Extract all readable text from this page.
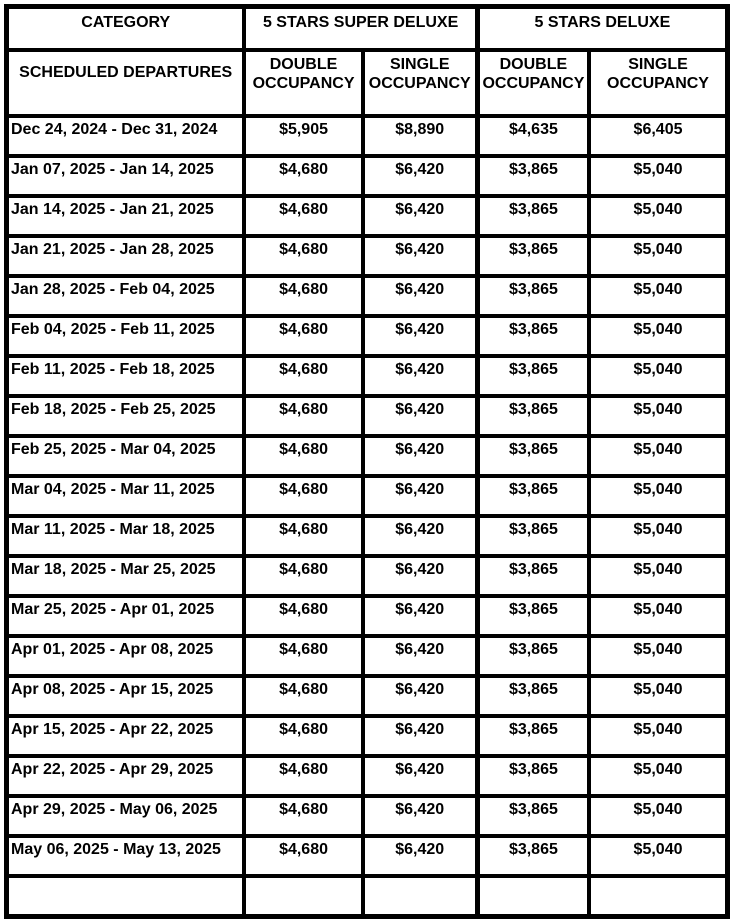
CATEGORY	5 STARS SUPER DELUXE		5 STARS DELUXE	
SCHEDULED DEPARTURES	DOUBLE OCCUPANCY	SINGLE OCCUPANCY	DOUBLE OCCUPANCY	SINGLE OCCUPANCY
Dec 24, 2024 - Dec 31, 2024	$5,905	$8,890	$4,635	$6,405
Jan 07, 2025 - Jan 14, 2025	$4,680	$6,420	$3,865	$5,040
Jan 14, 2025 - Jan 21, 2025	$4,680	$6,420	$3,865	$5,040
Jan 21, 2025 - Jan 28, 2025	$4,680	$6,420	$3,865	$5,040
Jan 28, 2025 - Feb 04, 2025	$4,680	$6,420	$3,865	$5,040
Feb 04, 2025 - Feb 11, 2025	$4,680	$6,420	$3,865	$5,040
Feb 11, 2025 - Feb 18, 2025	$4,680	$6,420	$3,865	$5,040
Feb 18, 2025 - Feb 25, 2025	$4,680	$6,420	$3,865	$5,040
Feb 25, 2025 - Mar 04, 2025	$4,680	$6,420	$3,865	$5,040
Mar 04, 2025 - Mar 11, 2025	$4,680	$6,420	$3,865	$5,040
Mar 11, 2025 - Mar 18, 2025	$4,680	$6,420	$3,865	$5,040
Mar 18, 2025 - Mar 25, 2025	$4,680	$6,420	$3,865	$5,040
Mar 25, 2025 - Apr 01, 2025	$4,680	$6,420	$3,865	$5,040
Apr 01, 2025 - Apr 08, 2025	$4,680	$6,420	$3,865	$5,040
Apr 08, 2025 - Apr 15, 2025	$4,680	$6,420	$3,865	$5,040
Apr 15, 2025 - Apr 22, 2025	$4,680	$6,420	$3,865	$5,040
Apr 22, 2025 - Apr 29, 2025	$4,680	$6,420	$3,865	$5,040
Apr 29, 2025 - May 06, 2025	$4,680	$6,420	$3,865	$5,040
May 06, 2025 - May 13, 2025	$4,680	$6,420	$3,865	$5,040
